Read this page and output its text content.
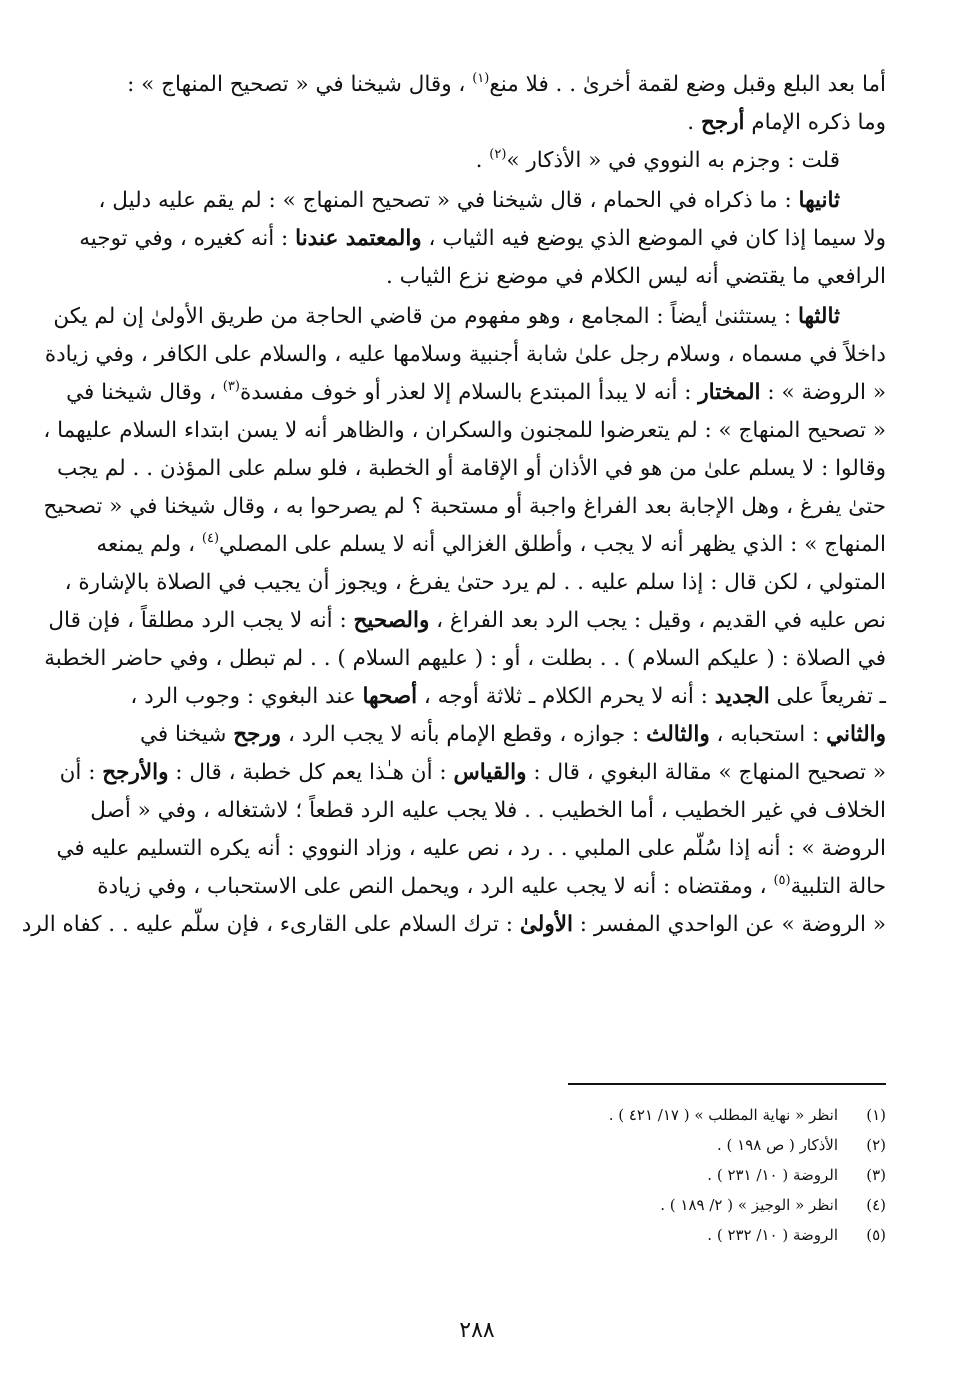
أما بعد البلع وقبل وضع لقمة أخرىٰ . . فلا منع$^{(١)}$ ، وقال شيخنا في « تصحيح المنهاج » :
وما ذكره الإمام أرجح .
قلت : وجزم به النووي في « الأذكار »$^{(٢)}$ .
ثانيها : ما ذكراه في الحمام ، قال شيخنا في « تصحيح المنهاج » : لم يقم عليه دليل ،
ولا سيما إذا كان في الموضع الذي يوضع فيه الثياب ، والمعتمد عندنا : أنه كغيره ، وفي توجيه
الرافعي ما يقتضي أنه ليس الكلام في موضع نزع الثياب .
ثالثها : يستثنىٰ أيضاً : المجامع ، وهو مفهوم من قاضي الحاجة من طريق الأولىٰ إن لم يكن
داخلاً في مسماه ، وسلام رجل علىٰ شابة أجنبية وسلامها عليه ، والسلام على الكافر ، وفي زيادة
« الروضة » : المختار : أنه لا يبدأ المبتدع بالسلام إلا لعذر أو خوف مفسدة$^{(٣)}$ ، وقال شيخنا في
« تصحيح المنهاج » : لم يتعرضوا للمجنون والسكران ، والظاهر أنه لا يسن ابتداء السلام عليهما ،
وقالوا : لا يسلم علىٰ من هو في الأذان أو الإقامة أو الخطبة ، فلو سلم على المؤذن . . لم يجب
حتىٰ يفرغ ، وهل الإجابة بعد الفراغ واجبة أو مستحبة ؟ لم يصرحوا به ، وقال شيخنا في « تصحيح
المنهاج » : الذي يظهر أنه لا يجب ، وأطلق الغزالي أنه لا يسلم على المصلي$^{(٤)}$ ، ولم يمنعه
المتولي ، لكن قال : إذا سلم عليه . . لم يرد حتىٰ يفرغ ، ويجوز أن يجيب في الصلاة بالإشارة ،
نص عليه في القديم ، وقيل : يجب الرد بعد الفراغ ، والصحيح : أنه لا يجب الرد مطلقاً ، فإن قال
في الصلاة : ( عليكم السلام ) . . بطلت ، أو : ( عليهم السلام ) . . لم تبطل ، وفي حاضر الخطبة
ـ تفريعاً على الجديد : أنه لا يحرم الكلام ـ ثلاثة أوجه ، أصحها عند البغوي : وجوب الرد ،
والثاني : استحبابه ، والثالث : جوازه ، وقطع الإمام بأنه لا يجب الرد ، ورجح شيخنا في
« تصحيح المنهاج » مقالة البغوي ، قال : والقياس : أن هـٰذا يعم كل خطبة ، قال : والأرجح : أن
الخلاف في غير الخطيب ، أما الخطيب . . فلا يجب عليه الرد قطعاً ؛ لاشتغاله ، وفي « أصل
الروضة » : أنه إذا سُلّم على الملبي . . رد ، نص عليه ، وزاد النووي : أنه يكره التسليم عليه في
حالة التلبية$^{(٥)}$ ، ومقتضاه : أنه لا يجب عليه الرد ، ويحمل النص على الاستحباب ، وفي زيادة
« الروضة » عن الواحدي المفسر : الأولىٰ : ترك السلام على القارىء ، فإن سلّم عليه . . كفاه الرد
(١)انظر « نهاية المطلب » ( ١٧/ ٤٢١ ) .
(٢)الأذكار ( ص ١٩٨ ) .
(٣)الروضة ( ١٠/ ٢٣١ ) .
(٤)انظر « الوجيز » ( ٢/ ١٨٩ ) .
(٥)الروضة ( ١٠/ ٢٣٢ ) .
٢٨٨
